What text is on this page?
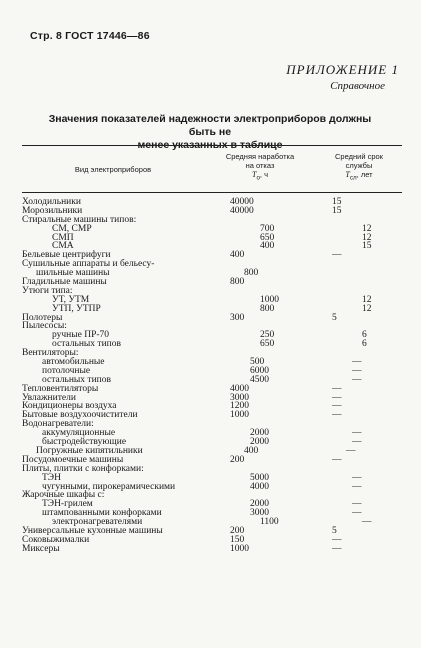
Стр. 8 ГОСТ 17446—86
ПРИЛОЖЕНИЕ 1
Справочное
Значения показателей надежности электроприборов должны быть не
менее указанных в таблице
Вид электроприборов
Средняя наработка
на отказ
$T_о$, ч
Средний срок
службы
$T_{сл}$, лет
Холодильники	40000	15
Морозильники	40000	15
Стиральные машины типов:
СМ, СМР	700	12
СМП	650	12
СМА	400	15
Бельевые центрифуги	400	—
Сушильные аппараты и бельесу-
шильные машины	800
Гладильные машины	800
Утюги типа:
УТ, УТМ	1000	12
УТП, УТПР	800	12
Полотеры	300	5
Пылесосы:
ручные ПР-70	250	6
остальных типов	650	6
Вентиляторы:
автомобильные	500	—
потолочные	6000	—
остальных типов	4500	—
Тепловентиляторы	4000	—
Увлажнители	3000	—
Кондиционеры воздуха	1200	—
Бытовые воздухоочистители	1000	—
Водонагреватели:
аккумуляционные	2000	—
быстродействующие	2000	—
Погружные кипятильники	400	—
Посудомоечные машины	200	—
Плиты, плитки с конфорками:
ТЭН	5000	—
чугунными, пирокерамическими	4000	—
Жарочные шкафы с:
ТЭН-грилем	2000	—
штампованными конфорками	3000	—
электронагревателями	1100	—
Универсальные кухонные машины	200	5
Соковыжималки	150	—
Миксеры	1000	—
